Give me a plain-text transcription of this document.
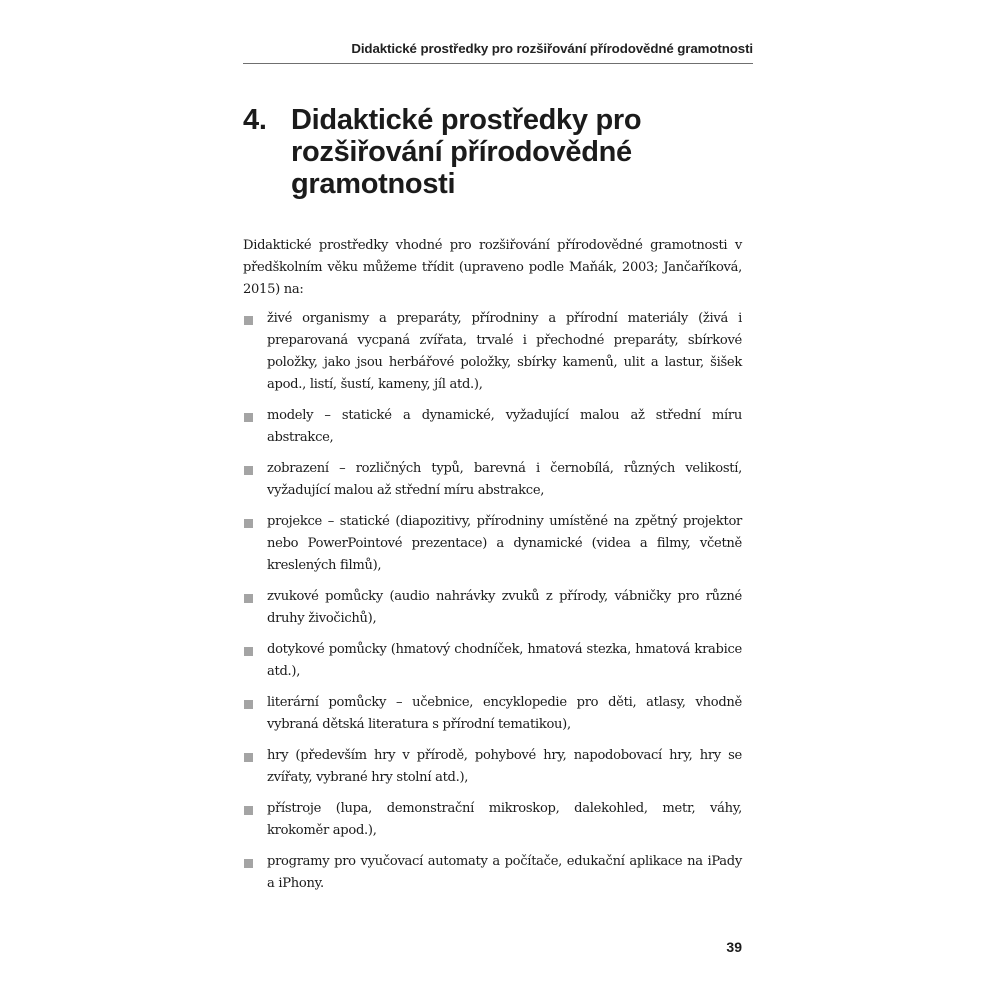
Didaktické prostředky pro rozšiřování přírodovědné gramotnosti
4. Didaktické prostředky pro rozšiřování přírodovědné gramotnosti

Didaktické prostředky vhodné pro rozšiřování přírodovědné gramotnosti v předškolním věku můžeme třídit (upraveno podle Maňák, 2003; Jančaříková, 2015) na:

živé organismy a preparáty, přírodniny a přírodní materiály (živá i preparovaná vycpaná zvířata, trvalé i přechodné preparáty, sbírkové položky, jako jsou herbářové položky, sbírky kamenů, ulit a lastur, šišek apod., listí, šustí, kameny, jíl atd.),
modely – statické a dynamické, vyžadující malou až střední míru abstrakce,
zobrazení – rozličných typů, barevná i černobílá, různých velikostí, vyžadující malou až střední míru abstrakce,
projekce – statické (diapozitivy, přírodniny umístěné na zpětný projektor nebo PowerPointové prezentace) a dynamické (videa a filmy, včetně kreslených filmů),
zvukové pomůcky (audio nahrávky zvuků z přírody, vábničky pro různé druhy živočichů),
dotykové pomůcky (hmatový chodníček, hmatová stezka, hmatová krabice atd.),
literární pomůcky – učebnice, encyklopedie pro děti, atlasy, vhodně vybraná dětská literatura s přírodní tematikou),
hry (především hry v přírodě, pohybové hry, napodobovací hry, hry se zvířaty, vybrané hry stolní atd.),
přístroje (lupa, demonstrační mikroskop, dalekohled, metr, váhy, krokoměr apod.),
programy pro vyučovací automaty a počítače, edukační aplikace na iPady a iPhony.
39
